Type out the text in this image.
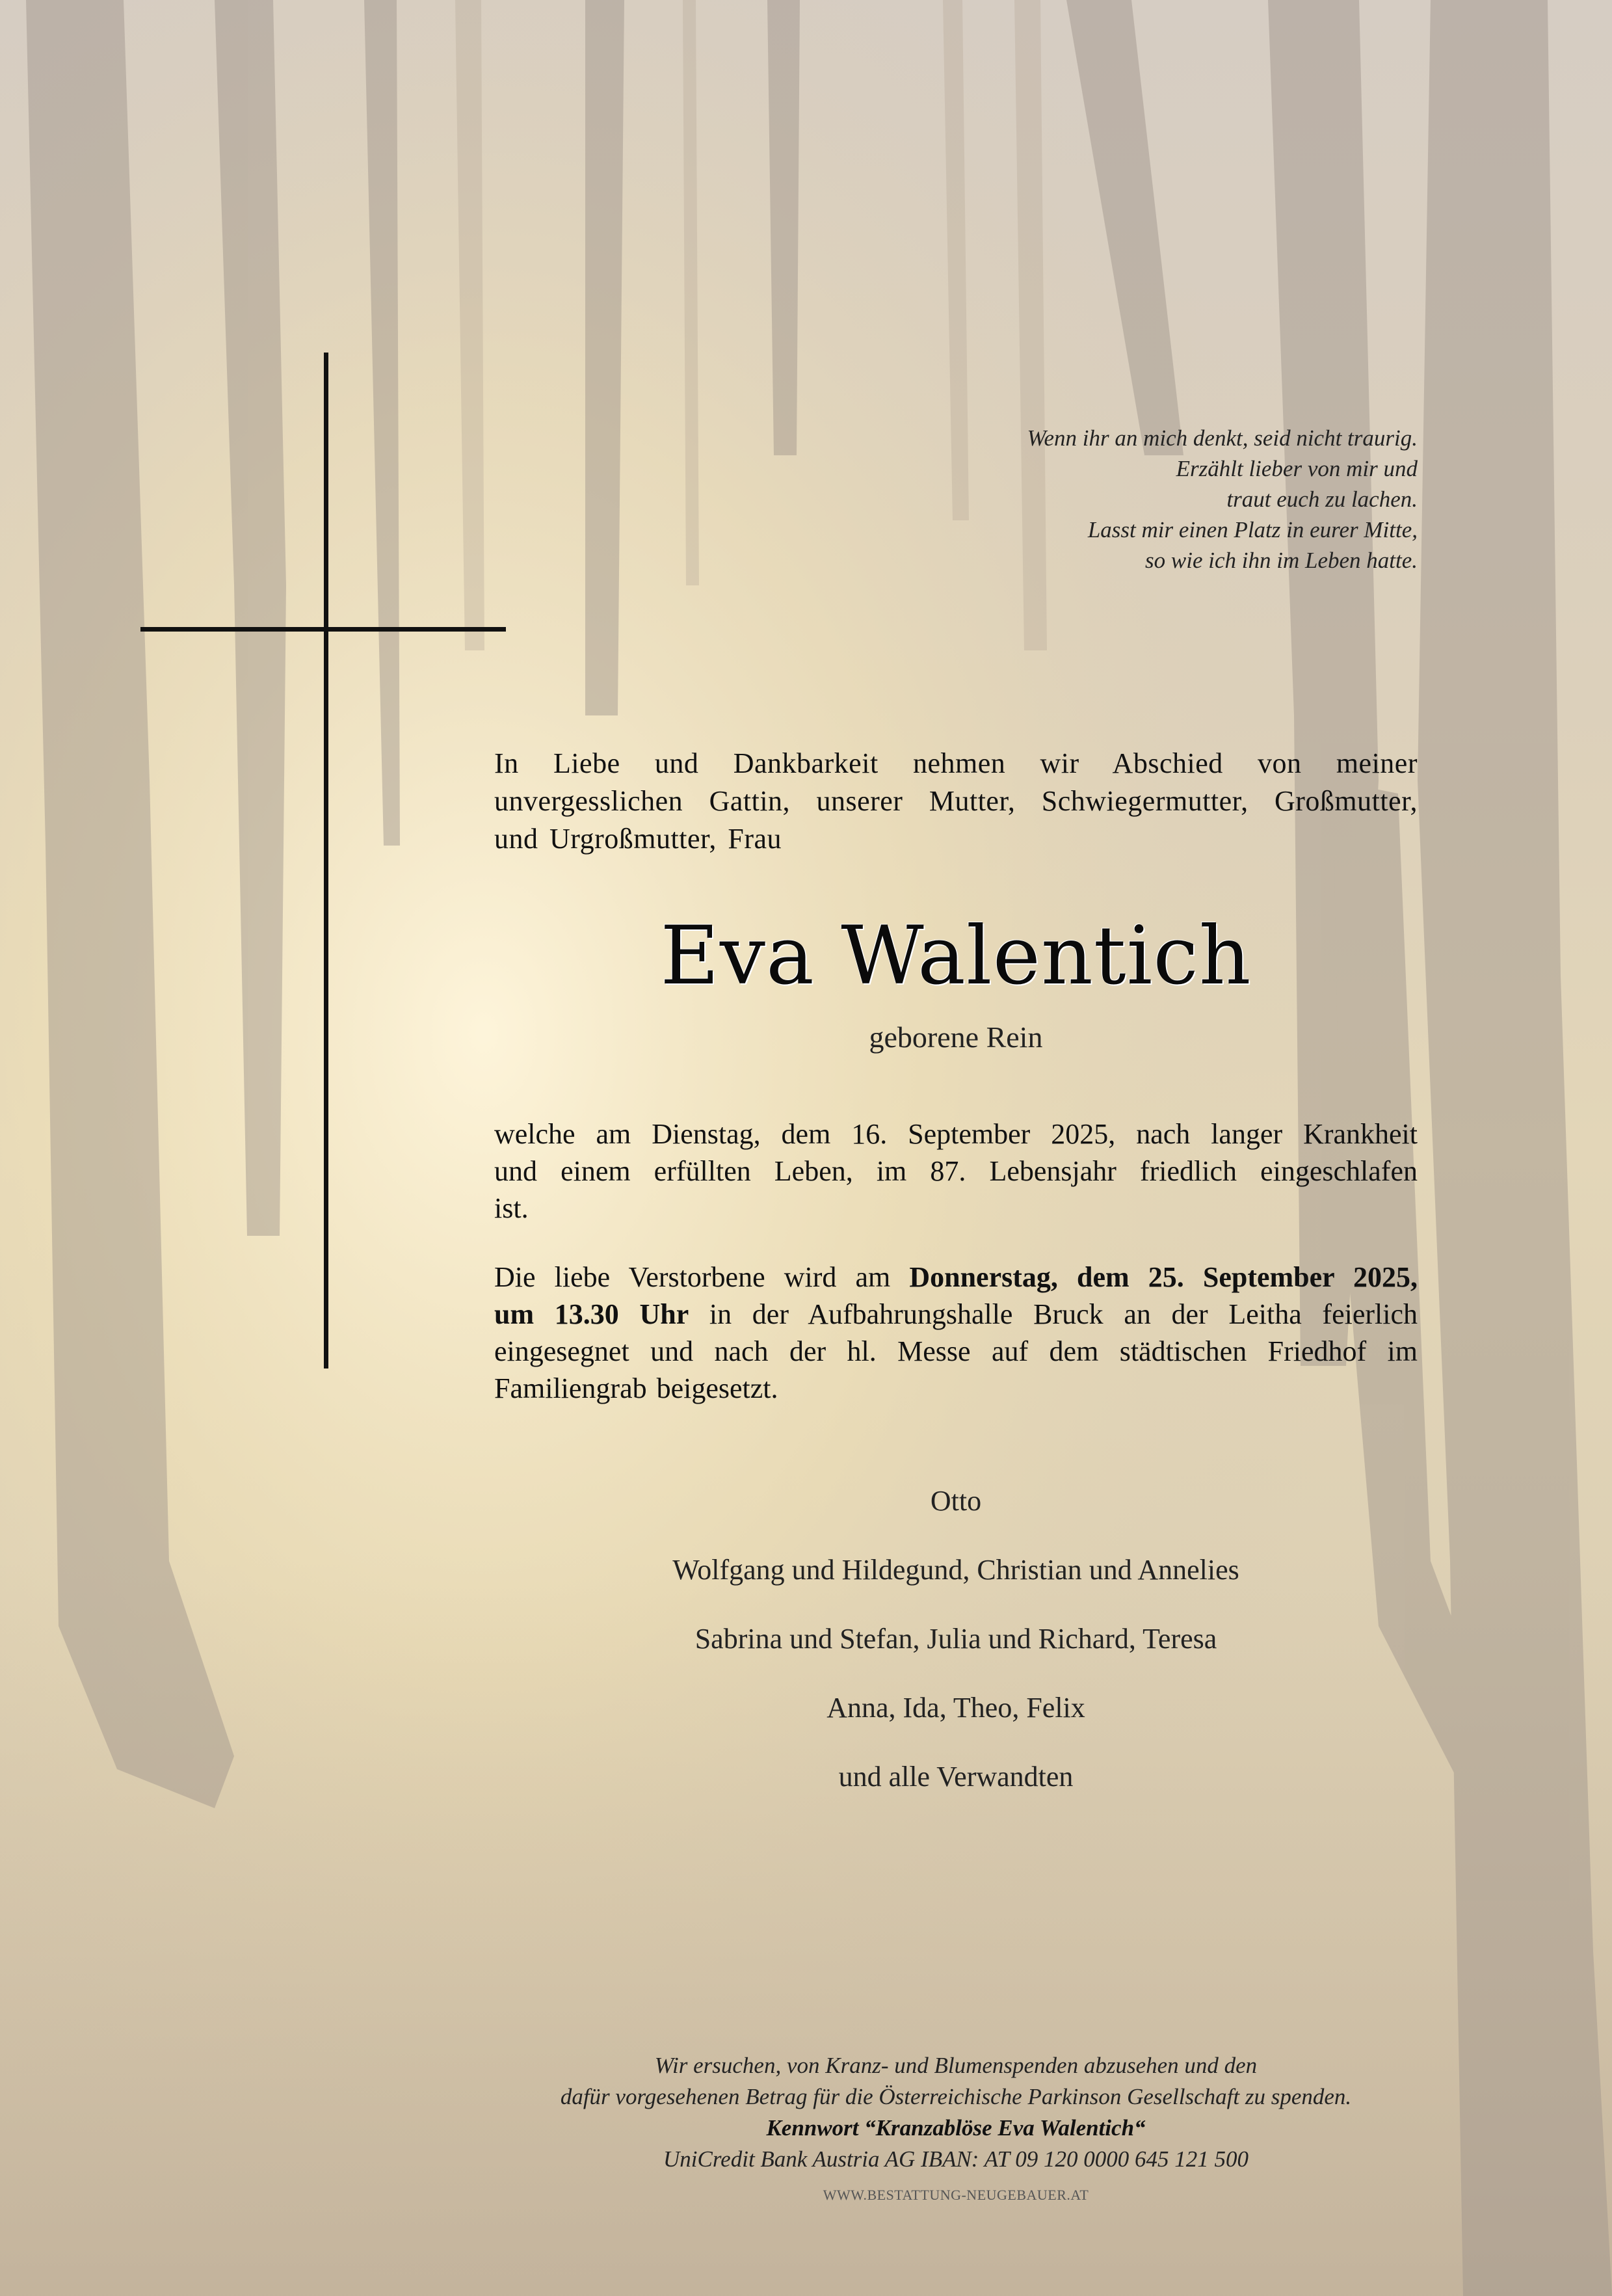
Wenn ihr an mich denkt, seid nicht traurig.
Erzählt lieber von mir und
traut euch zu lachen.
Lasst mir einen Platz in eurer Mitte,
so wie ich ihn im Leben hatte.
In Liebe und Dankbarkeit nehmen wir Abschied von meiner
unvergesslichen Gattin, unserer Mutter, Schwiegermutter, Großmutter,
und Urgroßmutter, Frau
Eva Walentich
geborene Rein
welche am Dienstag, dem 16. September 2025, nach langer Krankheit
und einem erfüllten Leben, im 87. Lebensjahr friedlich eingeschlafen
ist.
Die liebe Verstorbene wird am Donnerstag, dem 25. September 2025,
um 13.30 Uhr in der Aufbahrungshalle Bruck an der Leitha feierlich
eingesegnet und nach der hl. Messe auf dem städtischen Friedhof im
Familiengrab beigesetzt.
Otto
Wolfgang und Hildegund, Christian und Annelies
Sabrina und Stefan, Julia und Richard, Teresa
Anna, Ida, Theo, Felix
und alle Verwandten
Wir ersuchen, von Kranz- und Blumenspenden abzusehen und den
dafür vorgesehenen Betrag für die Österreichische Parkinson Gesellschaft zu spenden.
Kennwort “Kranzablöse Eva Walentich“
UniCredit Bank Austria AG IBAN: AT 09 120 0000 645 121 500
WWW.BESTATTUNG-NEUGEBAUER.AT
